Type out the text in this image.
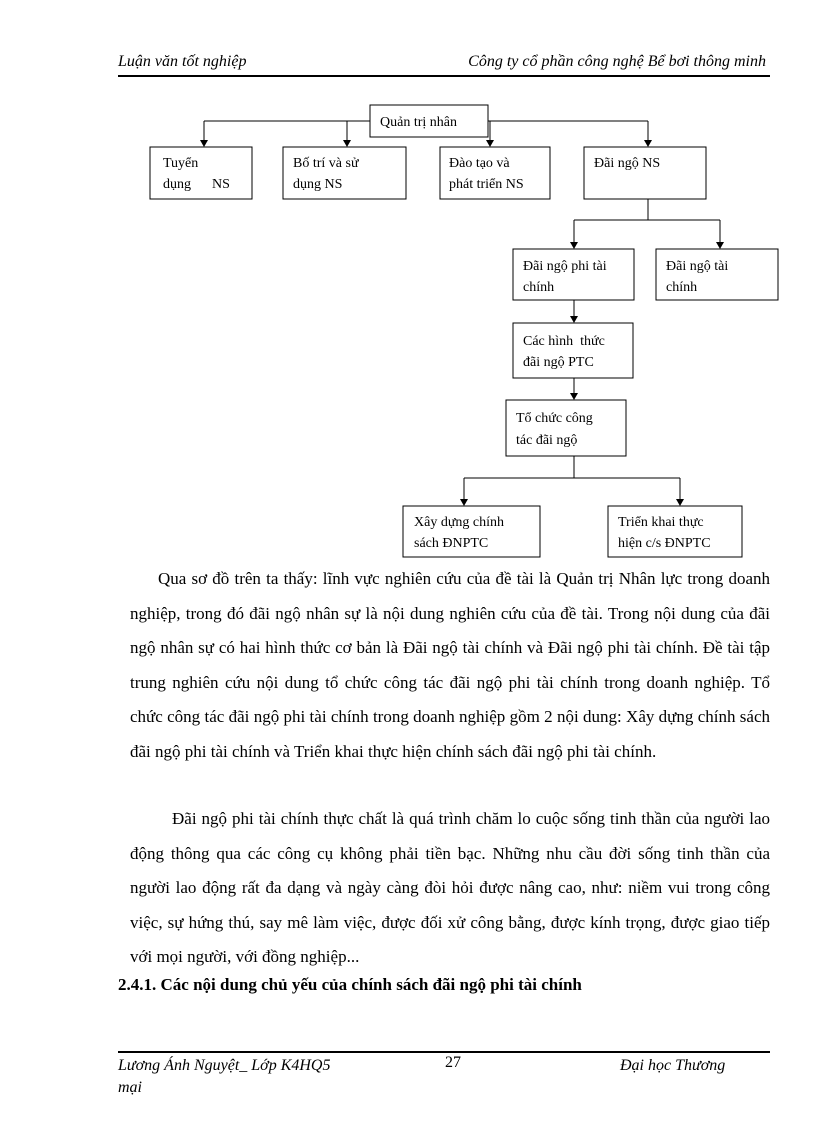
Luận văn tốt nghiệp	Công ty cổ phần công nghệ Bể bơi thông minh
Quản trị nhân
Tuyển
dụng      NS
Bố trí và sử
dụng NS
Đào tạo và
phát triển NS
Đãi ngộ NS
Đãi ngộ phi tài
chính
Đãi ngộ tài
chính
Các hình  thức
đãi ngộ PTC
Tổ chức công
tác đãi ngộ
Xây dựng chính
sách ĐNPTC
Triển khai thực
hiện c/s ĐNPTC

Qua sơ đồ trên ta thấy: lĩnh vực nghiên cứu của đề tài là Quản trị Nhân lực trong doanh nghiệp, trong đó đãi ngộ nhân sự là nội dung nghiên cứu của đề tài. Trong nội dung của đãi ngộ nhân sự có hai hình thức cơ bản là Đãi ngộ tài chính và Đãi ngộ phi tài chính. Đề tài tập trung nghiên cứu nội dung tổ chức công tác đãi ngộ phi tài chính trong doanh nghiệp. Tổ chức công tác đãi ngộ phi tài chính trong doanh nghiệp gồm 2 nội dung: Xây dựng chính sách đãi ngộ phi tài chính và Triển khai thực hiện chính sách đãi ngộ phi tài chính.

Đãi ngộ phi tài chính thực chất là quá trình chăm lo cuộc sống tinh thần của người lao động thông qua các công cụ không phải tiền bạc. Những nhu cầu đời sống tinh thần của người lao động rất đa dạng và ngày càng đòi hỏi được nâng cao, như: niềm vui trong công việc, sự hứng thú, say mê làm việc, được đối xử công bằng, được kính trọng, được giao tiếp với mọi người, với đồng nghiệp...

2.4.1. Các nội dung chủ yếu của chính sách đãi ngộ phi tài chính

Lương Ánh Nguyệt_ Lớp K4HQ5
mại
27	Đại học Thương
